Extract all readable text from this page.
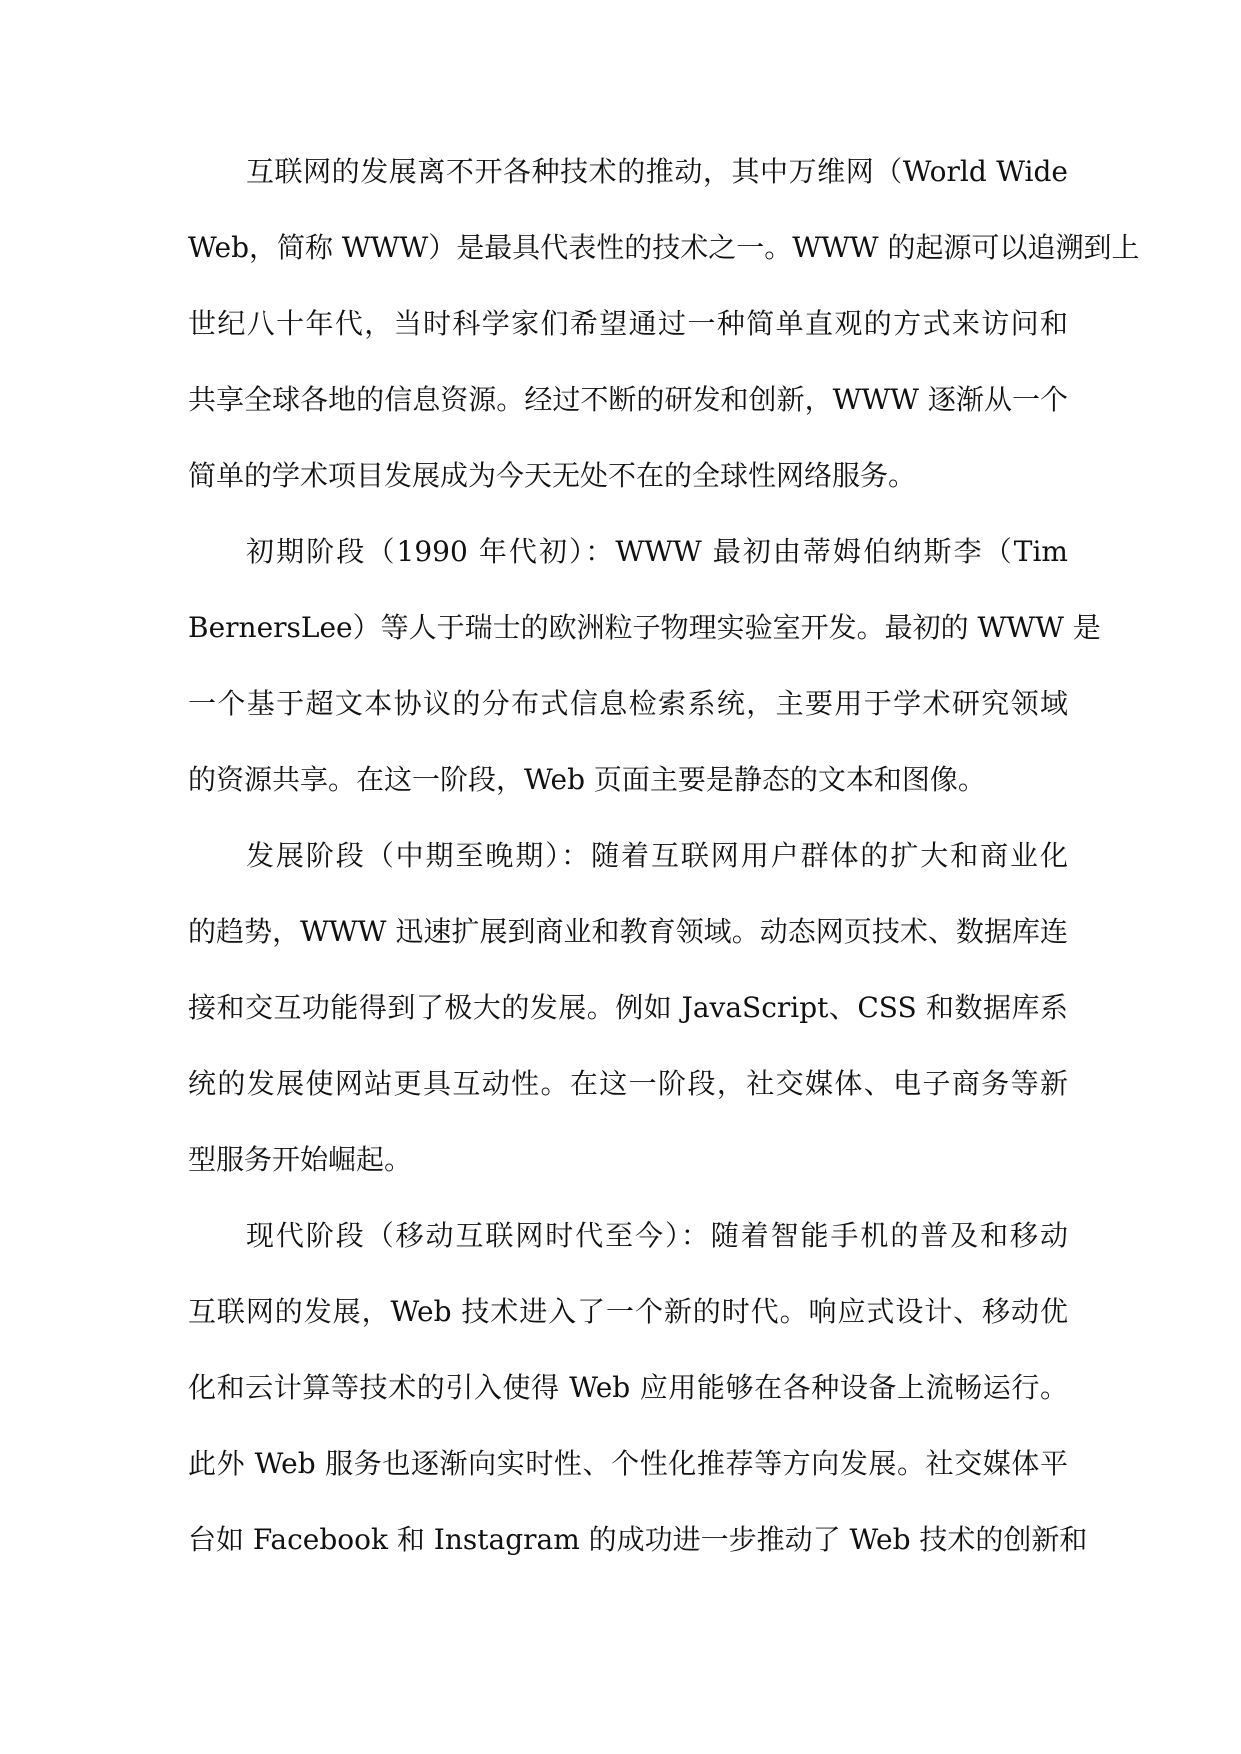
互联网的发展离不开各种技术的推动，其中万维网（World Wide
Web，简称 WWW）是最具代表性的技术之一。WWW 的起源可以追溯到上
世纪八十年代，当时科学家们希望通过一种简单直观的方式来访问和
共享全球各地的信息资源。经过不断的研发和创新，WWW 逐渐从一个
简单的学术项目发展成为今天无处不在的全球性网络服务。
初期阶段（1990 年代初）：WWW 最初由蒂姆伯纳斯李（Tim
BernersLee）等人于瑞士的欧洲粒子物理实验室开发。最初的 WWW 是
一个基于超文本协议的分布式信息检索系统，主要用于学术研究领域
的资源共享。在这一阶段，Web 页面主要是静态的文本和图像。
发展阶段（中期至晚期）：随着互联网用户群体的扩大和商业化
的趋势，WWW 迅速扩展到商业和教育领域。动态网页技术、数据库连
接和交互功能得到了极大的发展。例如 JavaScript、CSS 和数据库系
统的发展使网站更具互动性。在这一阶段，社交媒体、电子商务等新
型服务开始崛起。
现代阶段（移动互联网时代至今）：随着智能手机的普及和移动
互联网的发展，Web 技术进入了一个新的时代。响应式设计、移动优
化和云计算等技术的引入使得 Web 应用能够在各种设备上流畅运行。
此外 Web 服务也逐渐向实时性、个性化推荐等方向发展。社交媒体平
台如 Facebook 和 Instagram 的成功进一步推动了 Web 技术的创新和
